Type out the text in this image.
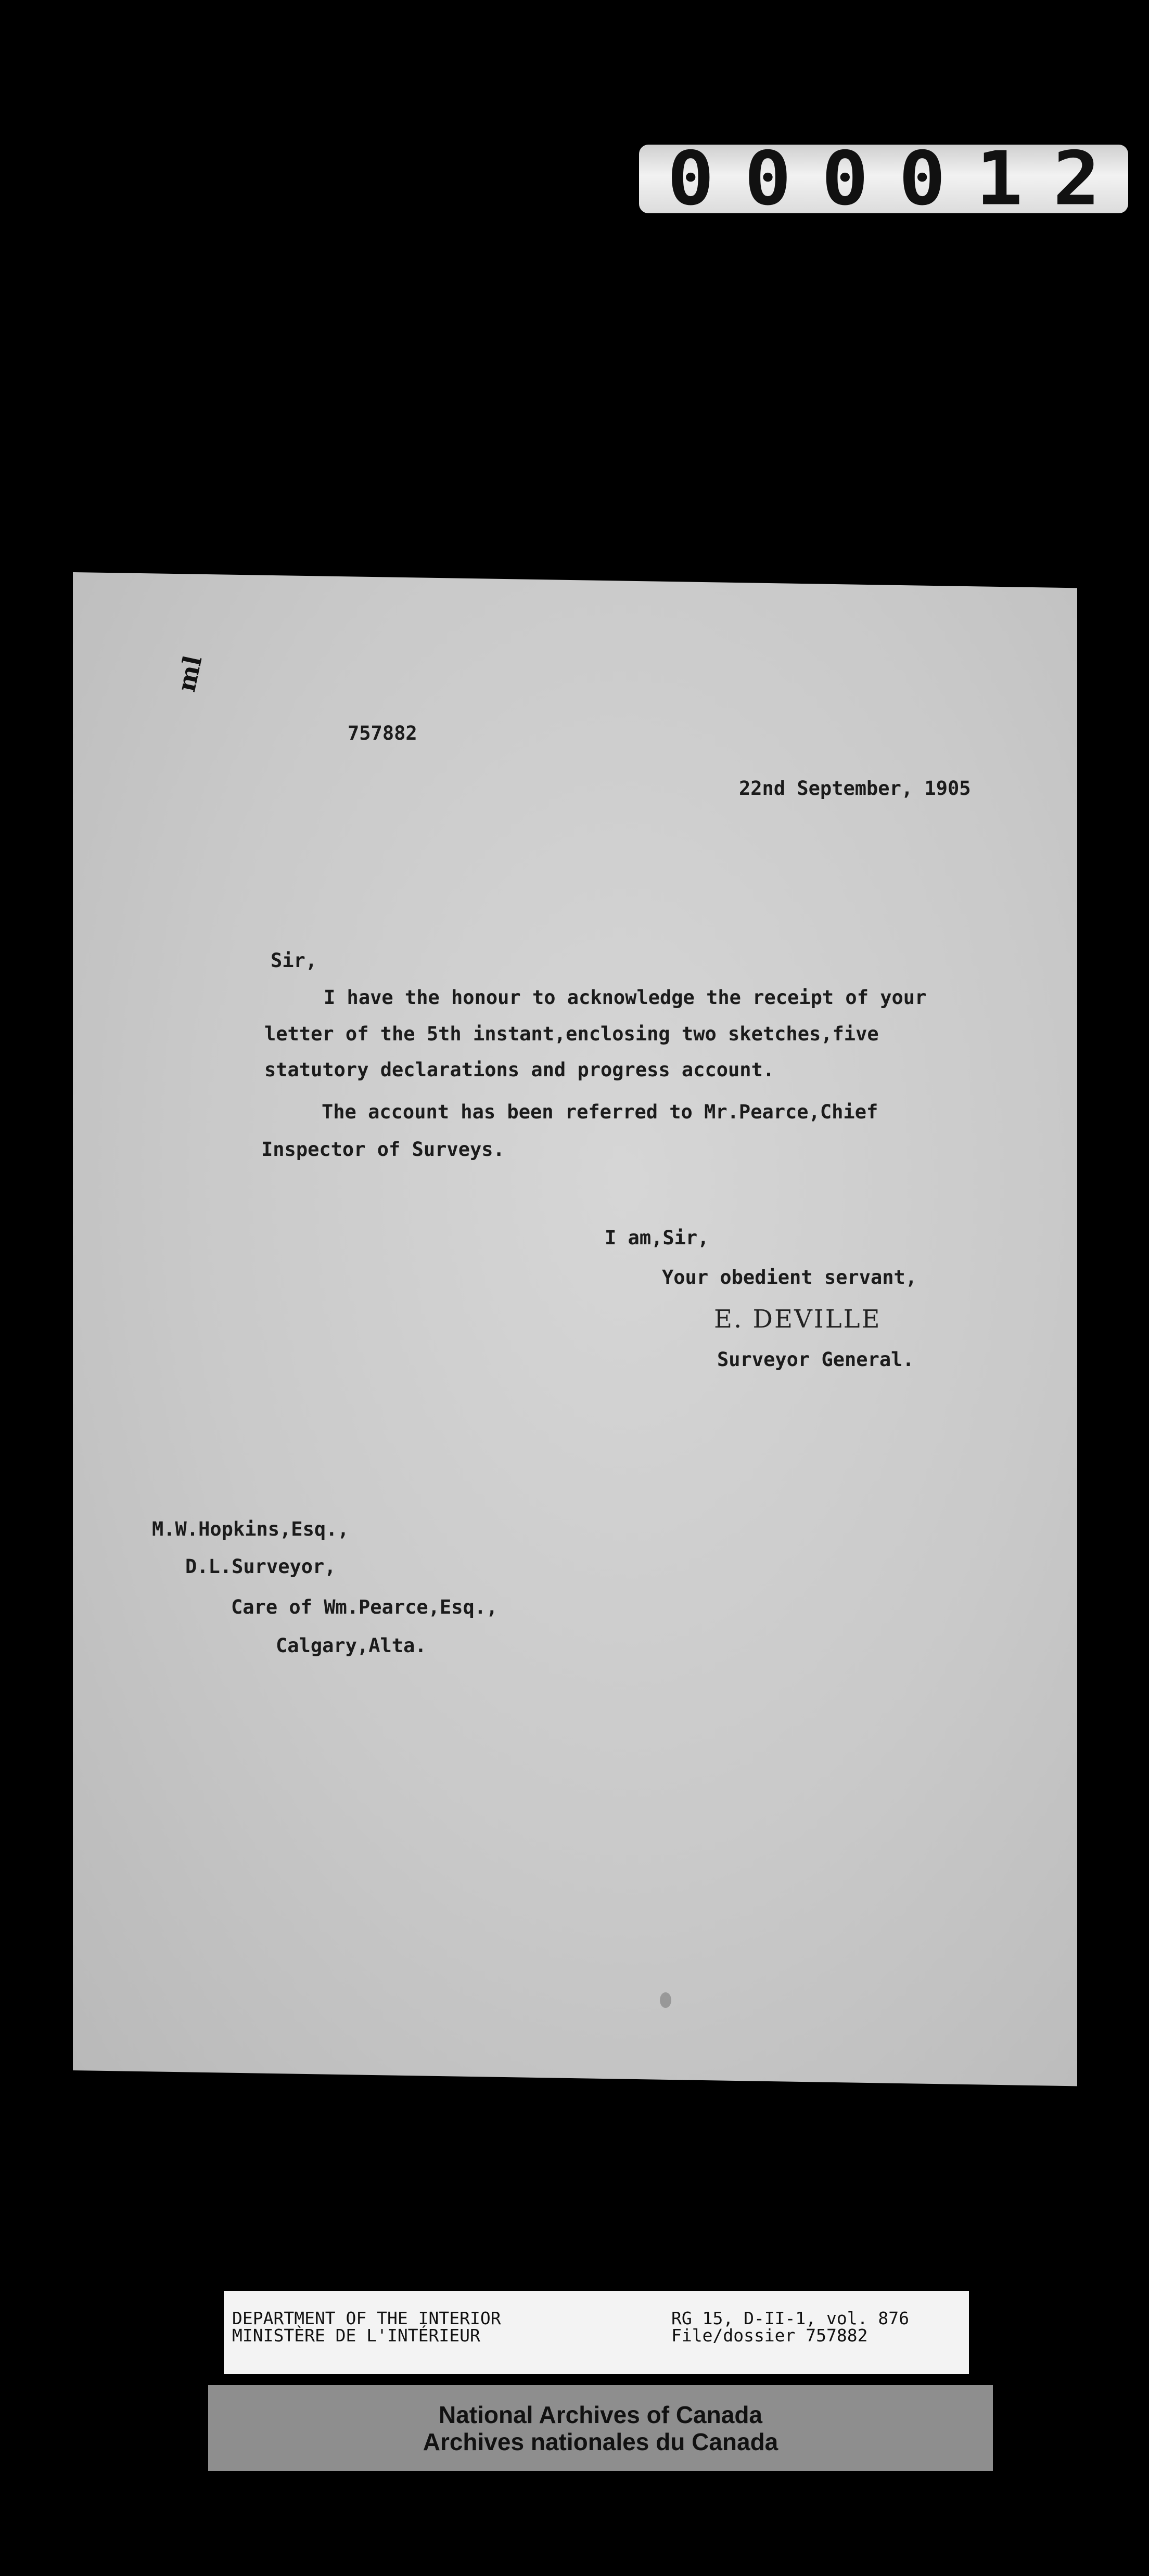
000012
ml

757882

22nd September, 1905

Sir,

I have the honour to acknowledge the receipt of your

letter of the 5th instant,enclosing two sketches,five

statutory declarations and progress account.

The account has been referred to Mr.Pearce,Chief

Inspector of Surveys.

I am,Sir,

Your obedient servant,

E. DEVILLE

Surveyor General.

M.W.Hopkins,Esq.,

D.L.Surveyor,

Care of Wm.Pearce,Esq.,

Calgary,Alta.

DEPARTMENT OF THE INTERIOR
MINISTÈRE DE L'INTÉRIEUR
RG 15, D-II-1, vol. 876
File/dossier 757882
National Archives of Canada
Archives nationales du Canada
